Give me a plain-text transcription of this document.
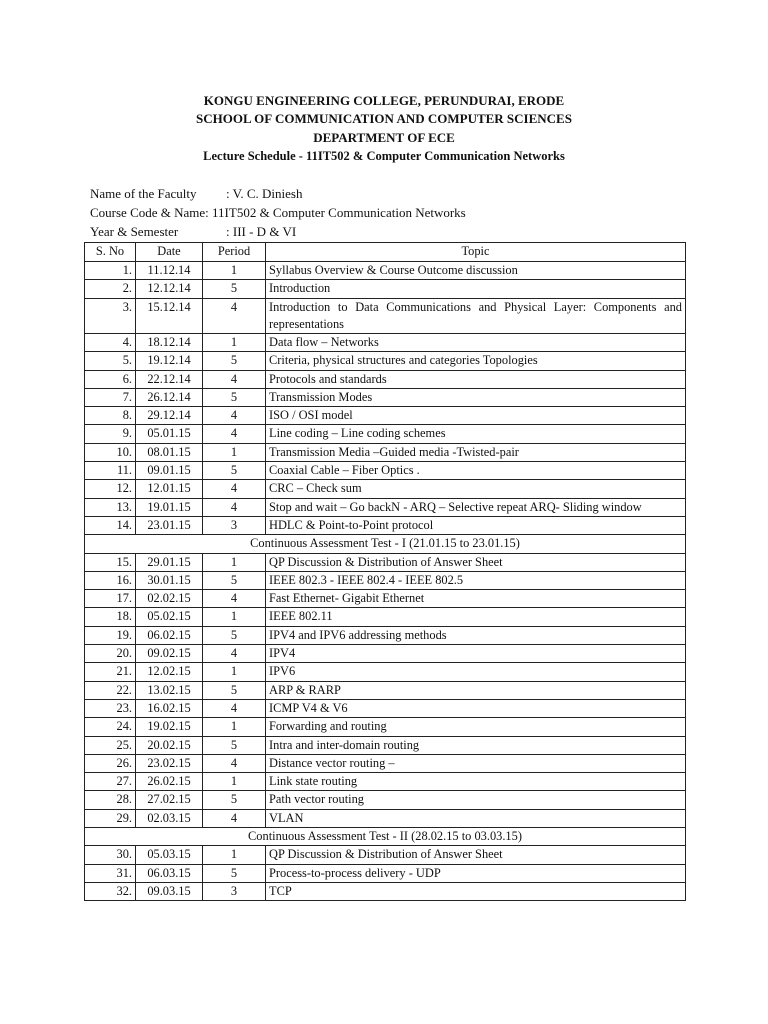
KONGU ENGINEERING COLLEGE, PERUNDURAI, ERODE
SCHOOL OF COMMUNICATION AND COMPUTER SCIENCES
DEPARTMENT OF ECE
Lecture Schedule - 11IT502 & Computer Communication Networks
Name of the Faculty	: V. C. Diniesh
Course Code & Name : 11IT502 & Computer Communication Networks
Year & Semester	: III - D & VI
S. No	Date	Period	Topic
1.	11.12.14	1	Syllabus Overview & Course Outcome discussion
2.	12.12.14	5	Introduction
3.	15.12.14	4	Introduction to Data Communications and Physical Layer: Components and representations
4.	18.12.14	1	Data flow – Networks
5.	19.12.14	5	Criteria, physical structures and categories Topologies
6.	22.12.14	4	Protocols and standards
7.	26.12.14	5	Transmission Modes
8.	29.12.14	4	ISO / OSI model
9.	05.01.15	4	Line coding – Line coding schemes
10.	08.01.15	1	Transmission Media –Guided media -Twisted-pair
11.	09.01.15	5	Coaxial Cable – Fiber Optics .
12.	12.01.15	4	CRC – Check sum
13.	19.01.15	4	Stop and wait – Go backN - ARQ – Selective repeat ARQ- Sliding window
14.	23.01.15	3	HDLC & Point-to-Point protocol
Continuous Assessment Test - I (21.01.15 to 23.01.15)			
15.	29.01.15	1	QP Discussion & Distribution of Answer Sheet
16.	30.01.15	5	IEEE 802.3 - IEEE 802.4 - IEEE 802.5
17.	02.02.15	4	Fast Ethernet- Gigabit Ethernet
18.	05.02.15	1	IEEE 802.11
19.	06.02.15	5	IPV4 and IPV6 addressing methods
20.	09.02.15	4	IPV4
21.	12.02.15	1	IPV6
22.	13.02.15	5	ARP & RARP
23.	16.02.15	4	ICMP V4 & V6
24.	19.02.15	1	Forwarding and routing
25.	20.02.15	5	Intra and inter-domain routing
26.	23.02.15	4	Distance vector routing –
27.	26.02.15	1	Link state routing
28.	27.02.15	5	Path vector routing
29.	02.03.15	4	VLAN
Continuous Assessment Test - II (28.02.15 to 03.03.15)			
30.	05.03.15	1	QP Discussion & Distribution of Answer Sheet
31.	06.03.15	5	Process-to-process delivery - UDP
32.	09.03.15	3	TCP
